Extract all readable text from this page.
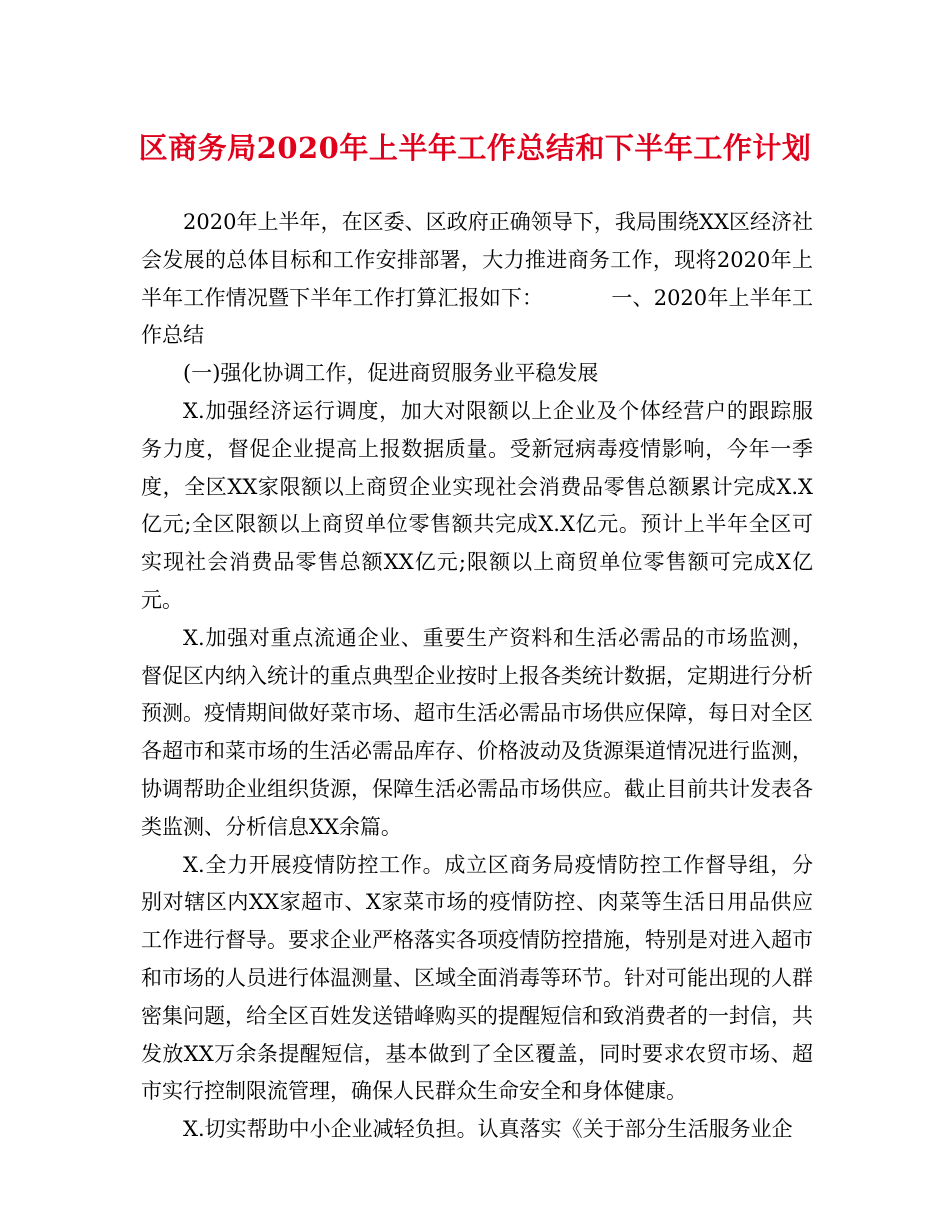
区商务局2020年上半年工作总结和下半年工作计划

2020年上半年，在区委、区政府正确领导下，我局围绕XX区经济社会发展的总体目标和工作安排部署，大力推进商务工作，现将2020年上半年工作情况暨下半年工作打算汇报如下：	一、2020年上半年工作总结

(一)强化协调工作，促进商贸服务业平稳发展

X.加强经济运行调度，加大对限额以上企业及个体经营户的跟踪服务力度，督促企业提高上报数据质量。受新冠病毒疫情影响，今年一季度，全区XX家限额以上商贸企业实现社会消费品零售总额累计完成X.X亿元;全区限额以上商贸单位零售额共完成X.X亿元。预计上半年全区可实现社会消费品零售总额XX亿元;限额以上商贸单位零售额可完成X亿元。

X.加强对重点流通企业、重要生产资料和生活必需品的市场监测，督促区内纳入统计的重点典型企业按时上报各类统计数据，定期进行分析预测。疫情期间做好菜市场、超市生活必需品市场供应保障，每日对全区各超市和菜市场的生活必需品库存、价格波动及货源渠道情况进行监测，协调帮助企业组织货源，保障生活必需品市场供应。截止目前共计发表各类监测、分析信息XX余篇。

X.全力开展疫情防控工作。成立区商务局疫情防控工作督导组，分别对辖区内XX家超市、X家菜市场的疫情防控、肉菜等生活日用品供应工作进行督导。要求企业严格落实各项疫情防控措施，特别是对进入超市和市场的人员进行体温测量、区域全面消毒等环节。针对可能出现的人群密集问题，给全区百姓发送错峰购买的提醒短信和致消费者的一封信，共发放XX万余条提醒短信，基本做到了全区覆盖，同时要求农贸市场、超市实行控制限流管理，确保人民群众生命安全和身体健康。

X.切实帮助中小企业减轻负担。认真落实《关于部分生活服务业企
